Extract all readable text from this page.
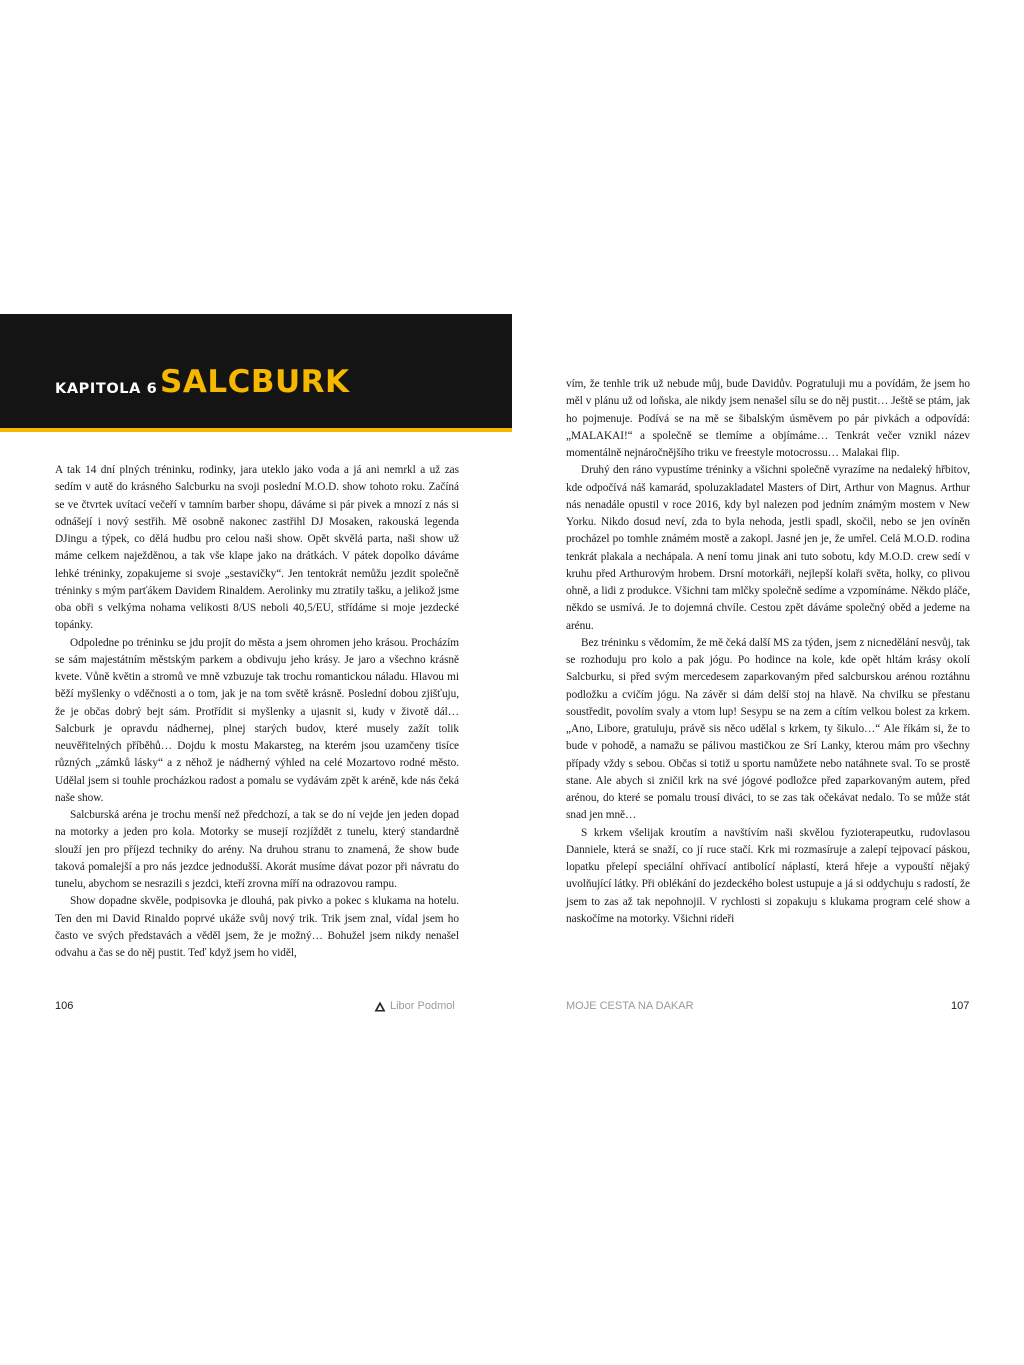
KAPITOLA 6 SALCBURK

A tak 14 dní plných tréninku, rodinky, jara uteklo jako voda a já ani nemrkl a už zas sedím v autě do krásného Salcburku na svoji poslední M.O.D. show tohoto roku. Začíná se ve čtvrtek uvítací večeří v tamním barber shopu, dáváme si pár pivek a mnozí z nás si odnášejí i nový sestřih. Mě osobně nakonec zastřihl DJ Mosaken, rakouská legenda DJingu a týpek, co dělá hudbu pro celou naši show. Opět skvělá parta, naši show už máme celkem naježděnou, a tak vše klape jako na drátkách. V pátek dopolko dáváme lehké tréninky, zopakujeme si svoje „sestavičky“. Jen tentokrát nemůžu jezdit společně tréninky s mým parťákem Davidem Rinaldem. Aerolinky mu ztratily tašku, a jelikož jsme oba obři s velkýma nohama velikosti 8/US neboli 40,5/EU, střídáme si moje jezdecké topánky.

Odpoledne po tréninku se jdu projít do města a jsem ohromen jeho krásou. Procházím se sám majestátním městským parkem a obdivuju jeho krásy. Je jaro a všechno krásně kvete. Vůně květin a stromů ve mně vzbuzuje tak trochu romantickou náladu. Hlavou mi běží myšlenky o vděčnosti a o tom, jak je na tom světě krásně. Poslední dobou zjišťuju, že je občas dobrý bejt sám. Protřídit si myšlenky a ujasnit si, kudy v životě dál… Salcburk je opravdu nádhernej, plnej starých budov, které musely zažít tolik neuvěřitelných příběhů… Dojdu k mostu Makarsteg, na kterém jsou uzamčeny tisíce různých „zámků lásky“ a z něhož je nádherný výhled na celé Mozartovo rodné město. Udělal jsem si touhle procházkou radost a pomalu se vydávám zpět k aréně, kde nás čeká naše show.

Salcburská aréna je trochu menší než předchozí, a tak se do ní vejde jen jeden dopad na motorky a jeden pro kola. Motorky se musejí rozjíždět z tunelu, který standardně slouží jen pro příjezd techniky do arény. Na druhou stranu to znamená, že show bude taková pomalejší a pro nás jezdce jednodušší. Akorát musíme dávat pozor při návratu do tunelu, abychom se nesrazili s jezdci, kteří zrovna míří na odrazovou rampu.

Show dopadne skvěle, podpisovka je dlouhá, pak pivko a pokec s klukama na hotelu. Ten den mi David Rinaldo poprvé ukáže svůj nový trik. Trik jsem znal, vídal jsem ho často ve svých představách a věděl jsem, že je možný… Bohužel jsem nikdy nenašel odvahu a čas se do něj pustit. Teď když jsem ho viděl,

vím, že tenhle trik už nebude můj, bude Davidův. Pogratuluji mu a povídám, že jsem ho měl v plánu už od loňska, ale nikdy jsem nenašel sílu se do něj pustit… Ještě se ptám, jak ho pojmenuje. Podívá se na mě se šibalským úsměvem po pár pivkách a odpovídá: „MALAKAI!“ a společně se tlemíme a objímáme… Tenkrát večer vznikl název momentálně nejnáročnějšího triku ve freestyle motocrossu… Malakai flip.

Druhý den ráno vypustíme tréninky a všichni společně vyrazíme na nedaleký hřbitov, kde odpočívá náš kamarád, spoluzakladatel Masters of Dirt, Arthur von Magnus. Arthur nás nenadále opustil v roce 2016, kdy byl nalezen pod jedním známým mostem v New Yorku. Nikdo dosud neví, zda to byla nehoda, jestli spadl, skočil, nebo se jen ovíněn procházel po tomhle známém mostě a zakopl. Jasné jen je, že umřel. Celá M.O.D. rodina tenkrát plakala a nechápala. A není tomu jinak ani tuto sobotu, kdy M.O.D. crew sedí v kruhu před Arthurovým hrobem. Drsní motorkáři, nejlepší kolaři světa, holky, co plivou ohně, a lidi z produkce. Všichni tam mlčky společně sedíme a vzpomínáme. Někdo pláče, někdo se usmívá. Je to dojemná chvíle. Cestou zpět dáváme společný oběd a jedeme na arénu.

Bez tréninku s vědomím, že mě čeká další MS za týden, jsem z nicnedělání nesvůj, tak se rozhoduju pro kolo a pak jógu. Po hodince na kole, kde opět hltám krásy okolí Salcburku, si před svým mercedesem zaparkovaným před salcburskou arénou roztáhnu podložku a cvičím jógu. Na závěr si dám delší stoj na hlavě. Na chvilku se přestanu soustředit, povolím svaly a vtom lup! Sesypu se na zem a cítím velkou bolest za krkem. „Ano, Libore, gratuluju, právě sis něco udělal s krkem, ty šikulo…“ Ale říkám si, že to bude v pohodě, a namažu se pálivou mastičkou ze Srí Lanky, kterou mám pro všechny případy vždy s sebou. Občas si totiž u sportu namůžete nebo natáhnete sval. To se prostě stane. Ale abych si zničil krk na své jógové podložce před zaparkovaným autem, před arénou, do které se pomalu trousí diváci, to se zas tak očekávat nedalo. To se může stát snad jen mně…

S krkem všelijak kroutím a navštívím naši skvělou fyzioterapeutku, rudovlasou Danniele, která se snaží, co jí ruce stačí. Krk mi rozmasíruje a zalepí tejpovací páskou, lopatku přelepí speciální ohřívací antibolící náplastí, která hřeje a vypouští nějaký uvolňující látky. Při oblékání do jezdeckého bolest ustupuje a já si oddychuju s radostí, že jsem to zas až tak nepohnojil. V rychlosti si zopakuju s klukama program celé show a naskočíme na motorky. Všichni rideři

106	Libor Podmol	MOJE CESTA NA DAKAR	107
